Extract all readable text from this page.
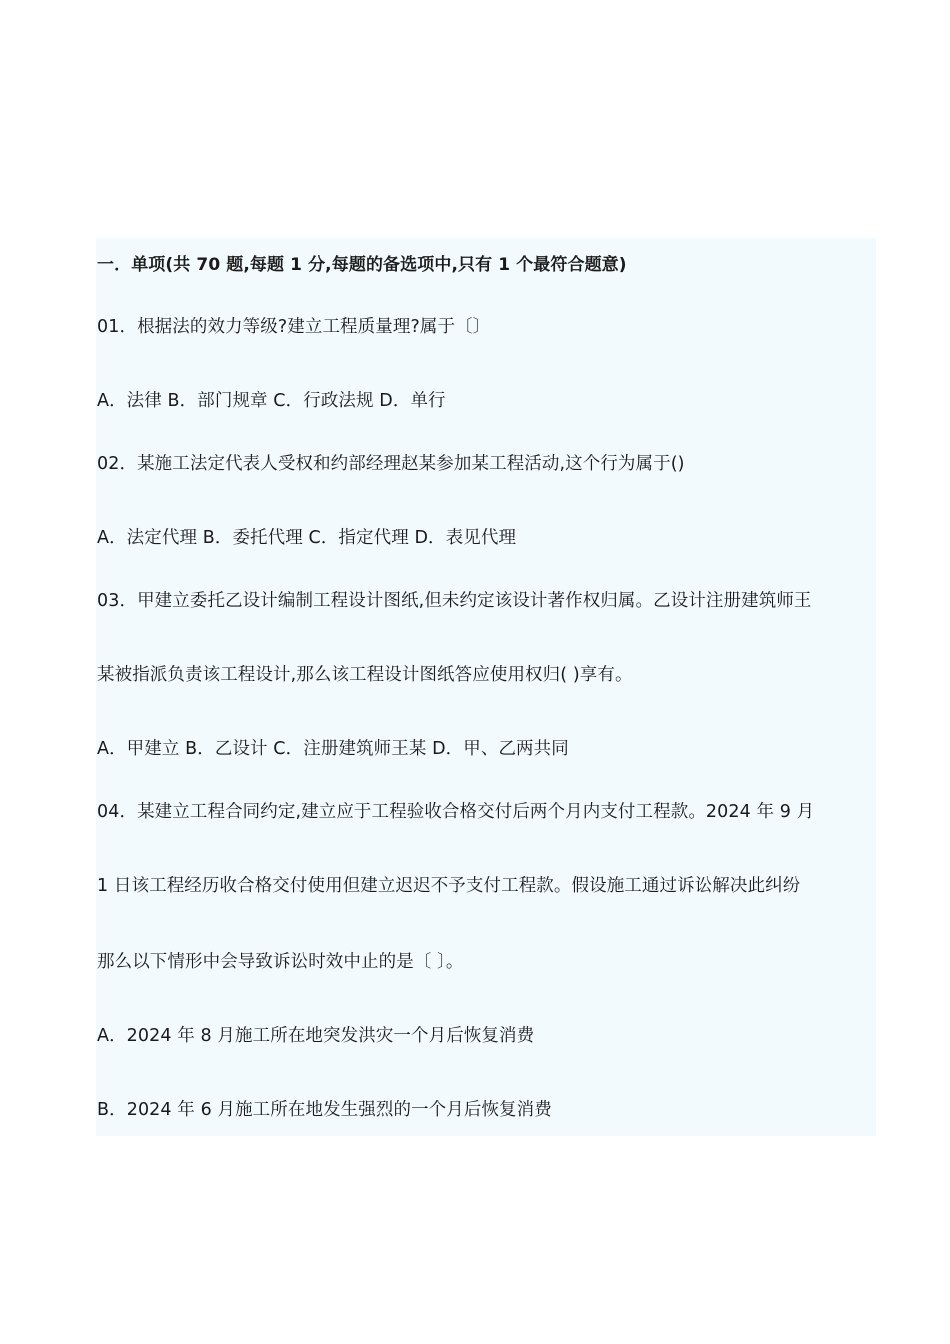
一．单项(共 70 题,每题 1 分,每题的备选项中,只有 1 个最符合题意)
01．根据法的效力等级?建立工程质量理?属于〔〕
A．法律 B．部门规章 C．行政法规 D．单行
02．某施工法定代表人受权和约部经理赵某参加某工程活动,这个行为属于()
A．法定代理 B．委托代理 C．指定代理 D．表见代理
03．甲建立委托乙设计编制工程设计图纸,但未约定该设计著作权归属。乙设计注册建筑师王
某被指派负责该工程设计,那么该工程设计图纸答应使用权归( )享有。
A．甲建立 B．乙设计 C．注册建筑师王某 D．甲、乙两共同
04．某建立工程合同约定,建立应于工程验收合格交付后两个月内支付工程款。2024 年 9 月
1 日该工程经历收合格交付使用但建立迟迟不予支付工程款。假设施工通过诉讼解决此纠纷
那么以下情形中会导致诉讼时效中止的是〔 〕。
A．2024 年 8 月施工所在地突发洪灾一个月后恢复消费
B．2024 年 6 月施工所在地发生强烈的一个月后恢复消费
